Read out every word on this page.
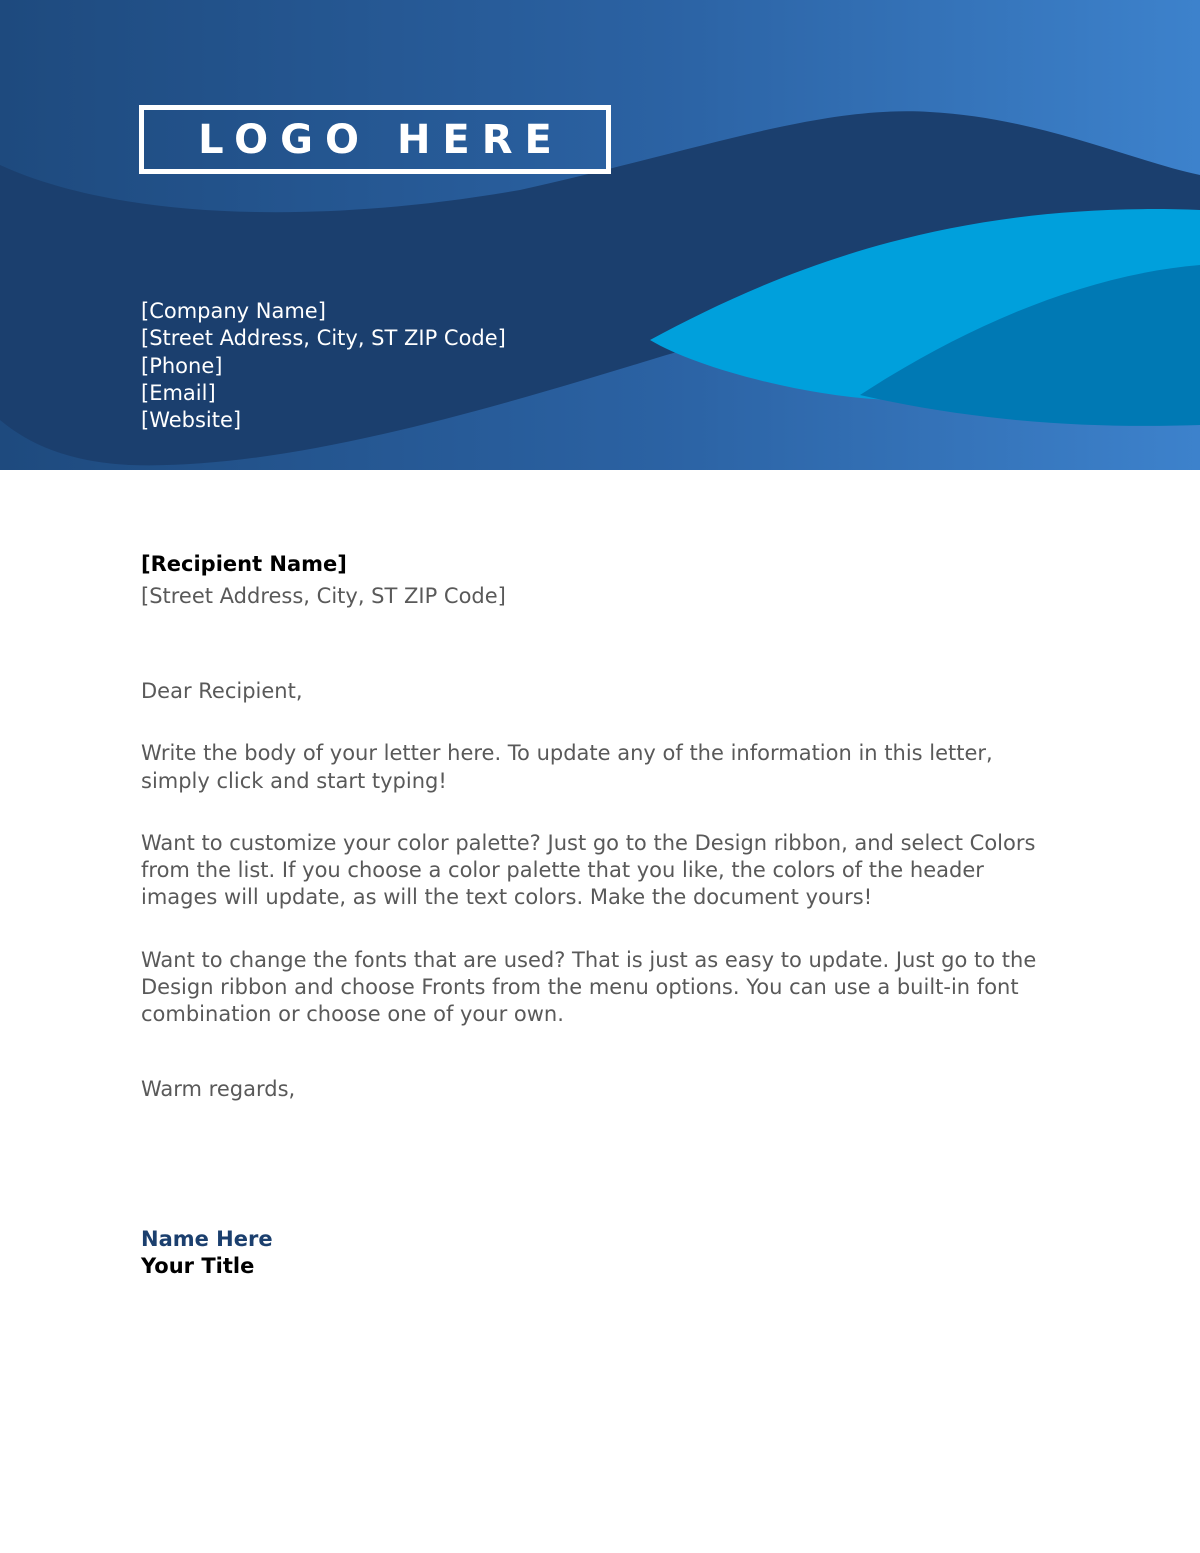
LOGO HERE
[Company Name]
[Street Address, City, ST ZIP Code]
[Phone]
[Email]
[Website]
[Recipient Name]
[Street Address, City, ST ZIP Code]

Dear Recipient,

Write the body of your letter here. To update any of the information in this letter, simply click and start typing!

Want to customize your color palette? Just go to the Design ribbon, and select Colors from the list. If you choose a color palette that you like, the colors of the header images will update, as will the text colors. Make the document yours!

Want to change the fonts that are used? That is just as easy to update. Just go to the Design ribbon and choose Fronts from the menu options. You can use a built-in font combination or choose one of your own.

Warm regards,

Name Here
Your Title
